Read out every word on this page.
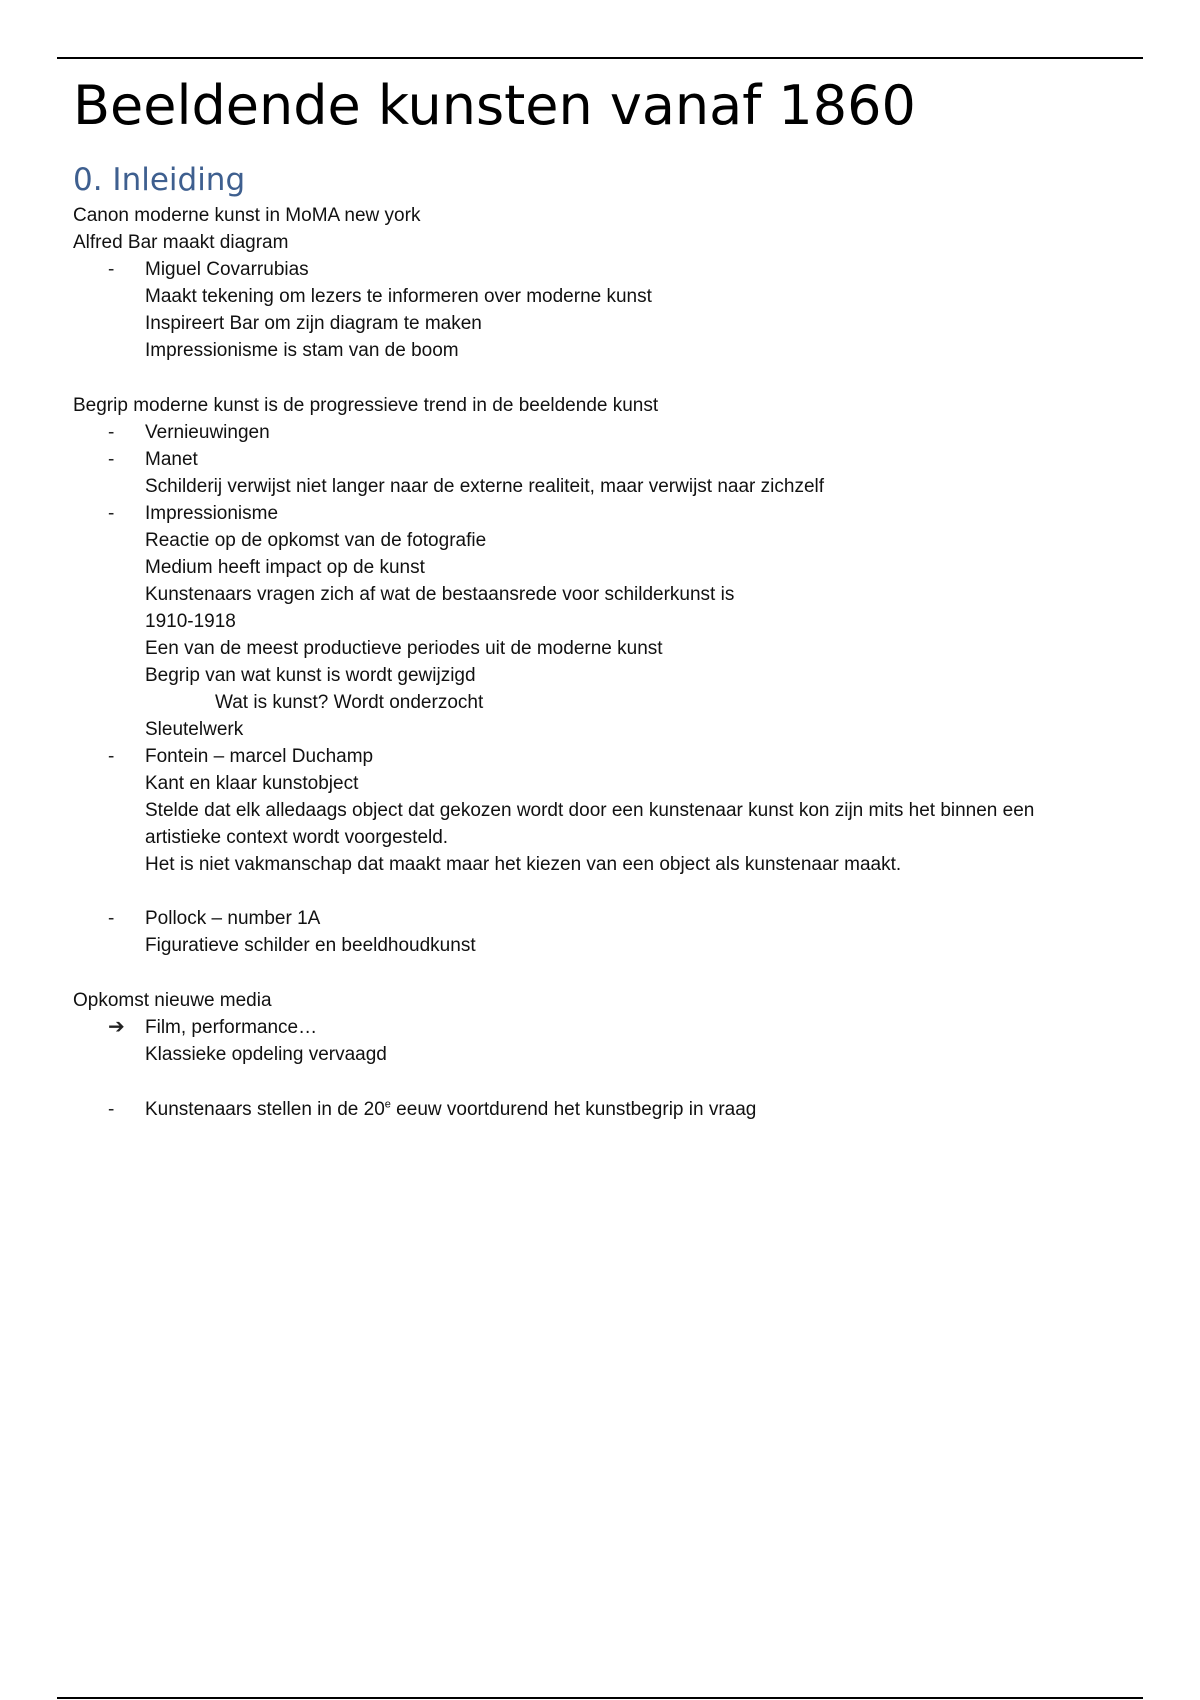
Beeldende kunsten vanaf 1860
0. Inleiding
Canon moderne kunst in MoMA new york
Alfred Bar maakt diagram
- Miguel Covarrubias
Maakt tekening om lezers te informeren over moderne kunst
Inspireert Bar om zijn diagram te maken
Impressionisme is stam van de boom
Begrip moderne kunst is de progressieve trend in de beeldende kunst
- Vernieuwingen
- Manet
Schilderij verwijst niet langer naar de externe realiteit, maar verwijst naar zichzelf
- Impressionisme
Reactie op de opkomst van de fotografie
Medium heeft impact op de kunst
Kunstenaars vragen zich af wat de bestaansrede voor schilderkunst is
1910-1918
Een van de meest productieve periodes uit de moderne kunst
Begrip van wat kunst is wordt gewijzigd
Wat is kunst? Wordt onderzocht
Sleutelwerk
- Fontein – marcel Duchamp
Kant en klaar kunstobject
Stelde dat elk alledaags object dat gekozen wordt door een kunstenaar kunst kon zijn mits het binnen een
artistieke context wordt voorgesteld.
Het is niet vakmanschap dat maakt maar het kiezen van een object als kunstenaar maakt.
- Pollock – number 1A
Figuratieve schilder en beeldhoudkunst
Opkomst nieuwe media
➔ Film, performance…
Klassieke opdeling vervaagd
- Kunstenaars stellen in de 20e eeuw voortdurend het kunstbegrip in vraag
